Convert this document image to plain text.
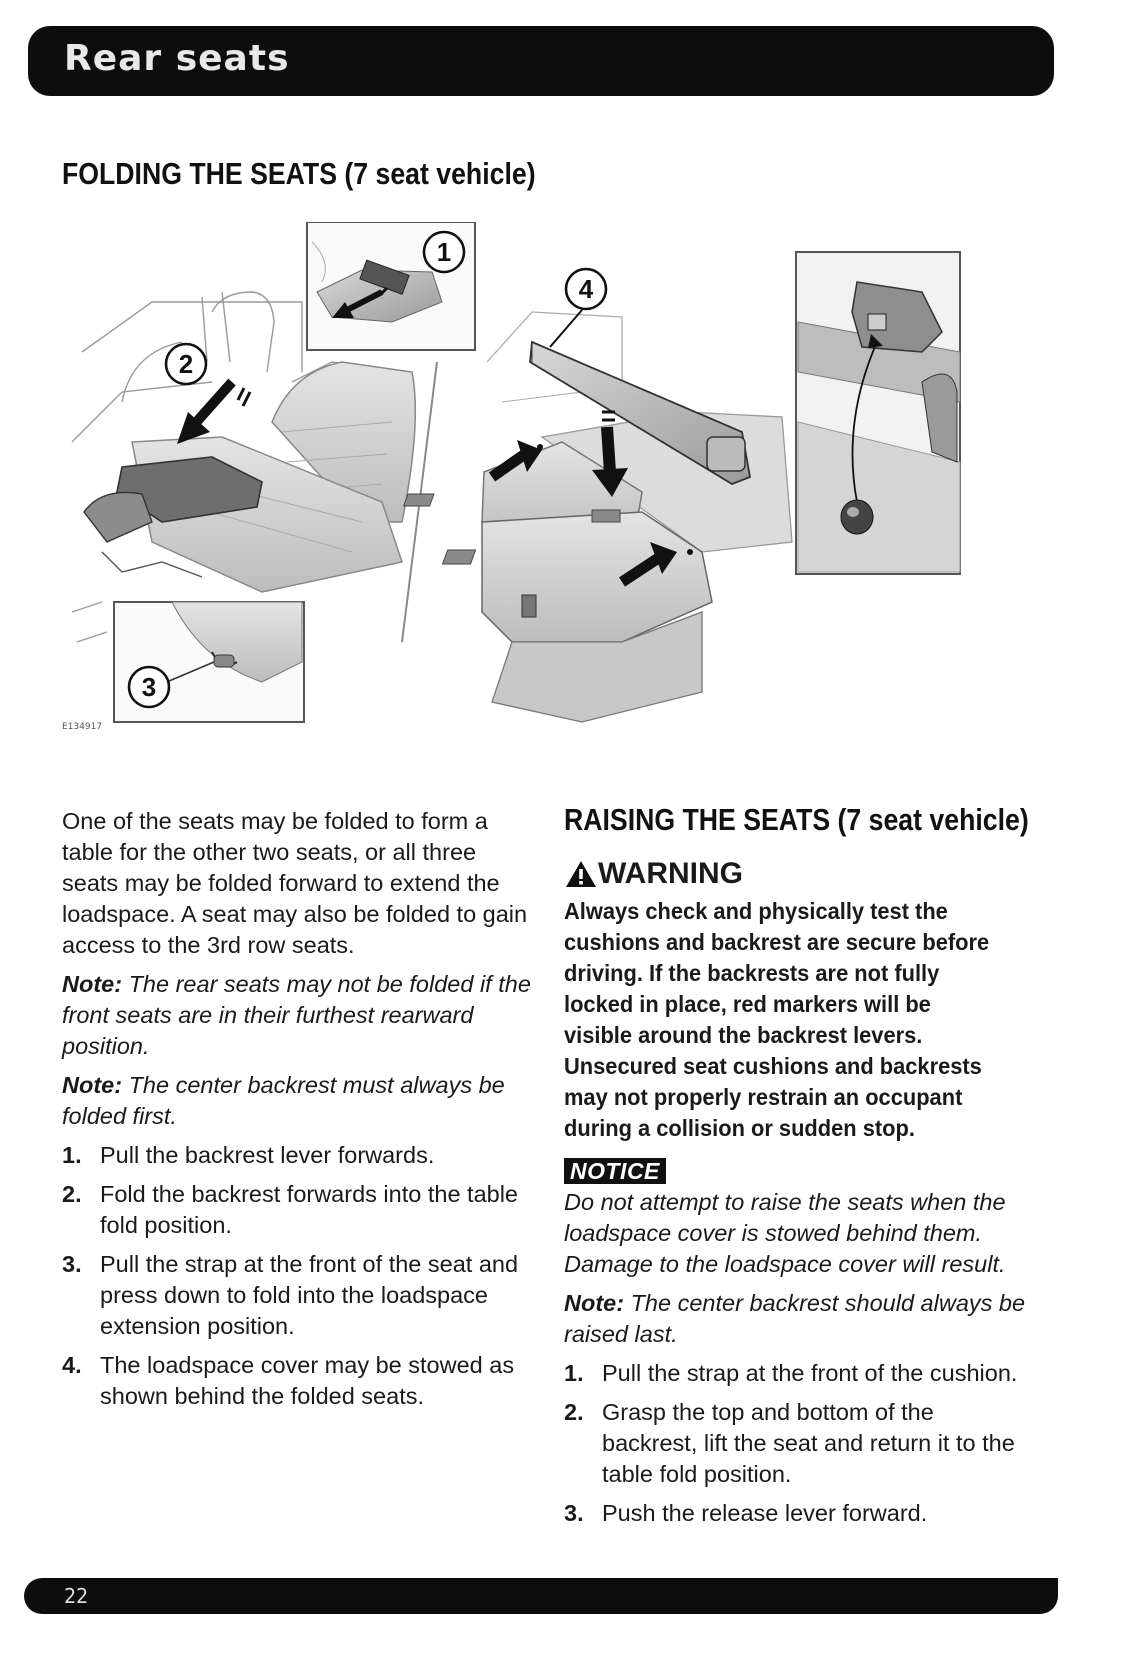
Rear seats
FOLDING THE SEATS (7 seat vehicle)
E134917
1
2
3
4

One of the seats may be folded to form a table for the other two seats, or all three seats may be folded forward to extend the loadspace. A seat may also be folded to gain access to the 3rd row seats.

Note: The rear seats may not be folded if the front seats are in their furthest rearward position.

Note: The center backrest must always be folded first.

1. Pull the backrest lever forwards.
2. Fold the backrest forwards into the table fold position.
3. Pull the strap at the front of the seat and press down to fold into the loadspace extension position.
4. The loadspace cover may be stowed as shown behind the folded seats.
RAISING THE SEATS (7 seat vehicle)
WARNING
Always check and physically test the cushions and backrest are secure before driving. If the backrests are not fully locked in place, red markers will be visible around the backrest levers. Unsecured seat cushions and backrests may not properly restrain an occupant during a collision or sudden stop.
NOTICE

Do not attempt to raise the seats when the loadspace cover is stowed behind them. Damage to the loadspace cover will result.

Note: The center backrest should always be raised last.

1. Pull the strap at the front of the cushion.
2. Grasp the top and bottom of the backrest, lift the seat and return it to the table fold position.
3. Push the release lever forward.
22
